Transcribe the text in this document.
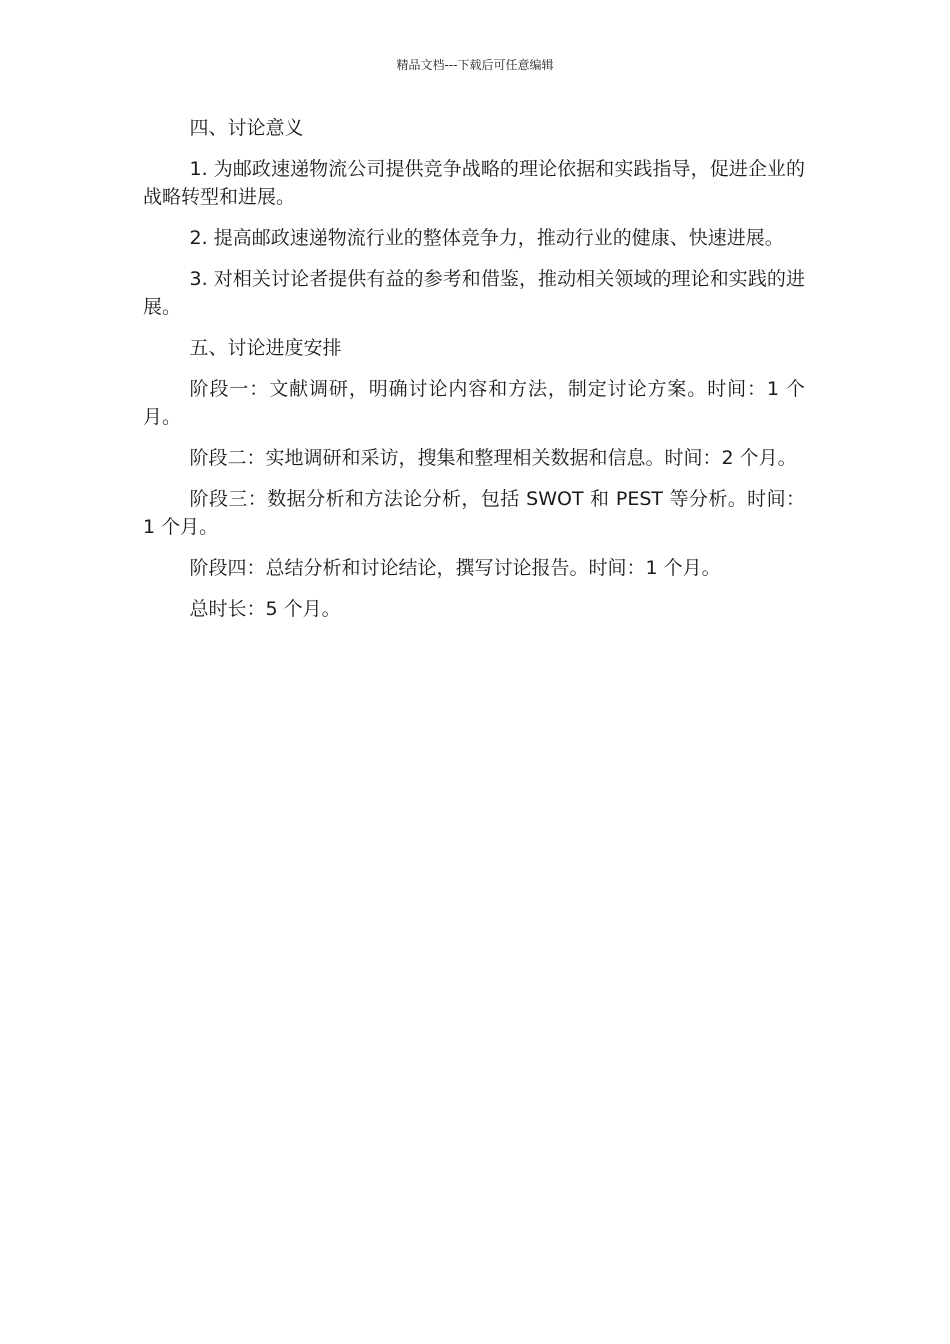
精品文档---下载后可任意编辑

四、讨论意义

1. 为邮政速递物流公司提供竞争战略的理论依据和实践指导，促进企业的战略转型和进展。

2. 提高邮政速递物流行业的整体竞争力，推动行业的健康、快速进展。

3. 对相关讨论者提供有益的参考和借鉴，推动相关领域的理论和实践的进展。

五、讨论进度安排

阶段一：文献调研，明确讨论内容和方法，制定讨论方案。时间：1 个月。

阶段二：实地调研和采访，搜集和整理相关数据和信息。时间：2 个月。

阶段三：数据分析和方法论分析，包括 SWOT 和 PEST 等分析。时间：1 个月。

阶段四：总结分析和讨论结论，撰写讨论报告。时间：1 个月。

总时长：5 个月。
